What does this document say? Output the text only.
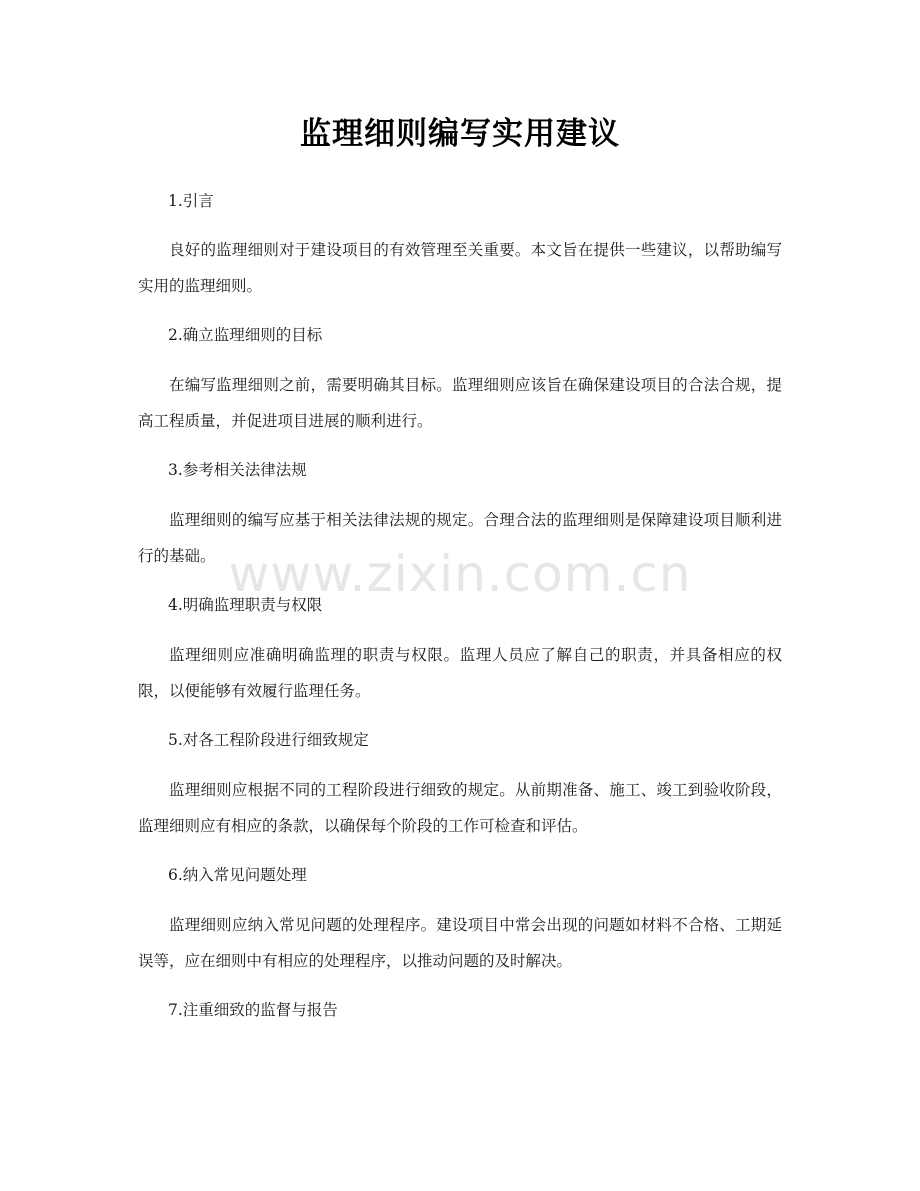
监理细则编写实用建议
www.zixin.com.cn
1.引言
良好的监理细则对于建设项目的有效管理至关重要。本文旨在提供一些建议，以帮助编写实用的监理细则。
2.确立监理细则的目标
在编写监理细则之前，需要明确其目标。监理细则应该旨在确保建设项目的合法合规，提高工程质量，并促进项目进展的顺利进行。
3.参考相关法律法规
监理细则的编写应基于相关法律法规的规定。合理合法的监理细则是保障建设项目顺利进行的基础。
4.明确监理职责与权限
监理细则应准确明确监理的职责与权限。监理人员应了解自己的职责，并具备相应的权限，以便能够有效履行监理任务。
5.对各工程阶段进行细致规定
监理细则应根据不同的工程阶段进行细致的规定。从前期准备、施工、竣工到验收阶段，监理细则应有相应的条款，以确保每个阶段的工作可检查和评估。
6.纳入常见问题处理
监理细则应纳入常见问题的处理程序。建设项目中常会出现的问题如材料不合格、工期延误等，应在细则中有相应的处理程序，以推动问题的及时解决。
7.注重细致的监督与报告
